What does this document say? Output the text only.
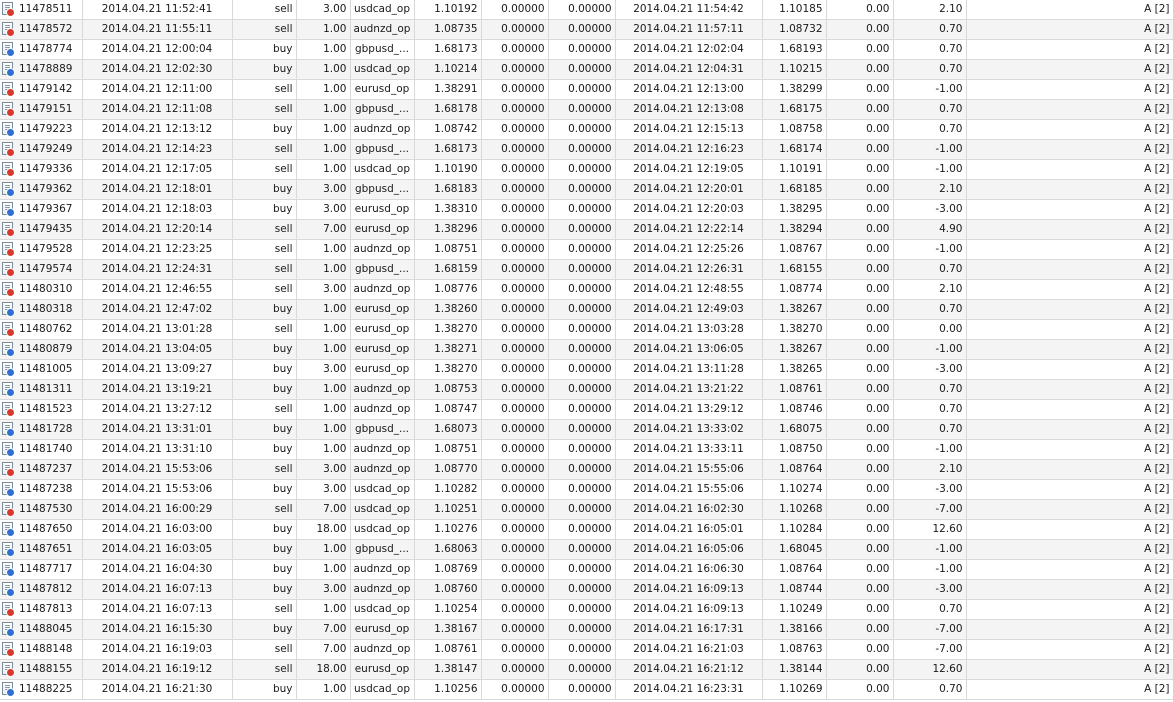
11478511	2014.04.21 11:52:41	sell	3.00	usdcad_op	1.10192	0.00000	0.00000	2014.04.21 11:54:42	1.10185	0.00	2.10	A [2]

11478572	2014.04.21 11:55:11	sell	1.00	audnzd_op	1.08735	0.00000	0.00000	2014.04.21 11:57:11	1.08732	0.00	0.70	A [2]

11478774	2014.04.21 12:00:04	buy	1.00	gbpusd_...	1.68173	0.00000	0.00000	2014.04.21 12:02:04	1.68193	0.00	0.70	A [2]

11478889	2014.04.21 12:02:30	buy	1.00	usdcad_op	1.10214	0.00000	0.00000	2014.04.21 12:04:31	1.10215	0.00	0.70	A [2]

11479142	2014.04.21 12:11:00	sell	1.00	eurusd_op	1.38291	0.00000	0.00000	2014.04.21 12:13:00	1.38299	0.00	-1.00	A [2]

11479151	2014.04.21 12:11:08	sell	1.00	gbpusd_...	1.68178	0.00000	0.00000	2014.04.21 12:13:08	1.68175	0.00	0.70	A [2]

11479223	2014.04.21 12:13:12	buy	1.00	audnzd_op	1.08742	0.00000	0.00000	2014.04.21 12:15:13	1.08758	0.00	0.70	A [2]

11479249	2014.04.21 12:14:23	sell	1.00	gbpusd_...	1.68173	0.00000	0.00000	2014.04.21 12:16:23	1.68174	0.00	-1.00	A [2]

11479336	2014.04.21 12:17:05	sell	1.00	usdcad_op	1.10190	0.00000	0.00000	2014.04.21 12:19:05	1.10191	0.00	-1.00	A [2]

11479362	2014.04.21 12:18:01	buy	3.00	gbpusd_...	1.68183	0.00000	0.00000	2014.04.21 12:20:01	1.68185	0.00	2.10	A [2]

11479367	2014.04.21 12:18:03	buy	3.00	eurusd_op	1.38310	0.00000	0.00000	2014.04.21 12:20:03	1.38295	0.00	-3.00	A [2]

11479435	2014.04.21 12:20:14	sell	7.00	eurusd_op	1.38296	0.00000	0.00000	2014.04.21 12:22:14	1.38294	0.00	4.90	A [2]

11479528	2014.04.21 12:23:25	sell	1.00	audnzd_op	1.08751	0.00000	0.00000	2014.04.21 12:25:26	1.08767	0.00	-1.00	A [2]

11479574	2014.04.21 12:24:31	sell	1.00	gbpusd_...	1.68159	0.00000	0.00000	2014.04.21 12:26:31	1.68155	0.00	0.70	A [2]

11480310	2014.04.21 12:46:55	sell	3.00	audnzd_op	1.08776	0.00000	0.00000	2014.04.21 12:48:55	1.08774	0.00	2.10	A [2]

11480318	2014.04.21 12:47:02	buy	1.00	eurusd_op	1.38260	0.00000	0.00000	2014.04.21 12:49:03	1.38267	0.00	0.70	A [2]

11480762	2014.04.21 13:01:28	sell	1.00	eurusd_op	1.38270	0.00000	0.00000	2014.04.21 13:03:28	1.38270	0.00	0.00	A [2]

11480879	2014.04.21 13:04:05	buy	1.00	eurusd_op	1.38271	0.00000	0.00000	2014.04.21 13:06:05	1.38267	0.00	-1.00	A [2]

11481005	2014.04.21 13:09:27	buy	3.00	eurusd_op	1.38270	0.00000	0.00000	2014.04.21 13:11:28	1.38265	0.00	-3.00	A [2]

11481311	2014.04.21 13:19:21	buy	1.00	audnzd_op	1.08753	0.00000	0.00000	2014.04.21 13:21:22	1.08761	0.00	0.70	A [2]

11481523	2014.04.21 13:27:12	sell	1.00	audnzd_op	1.08747	0.00000	0.00000	2014.04.21 13:29:12	1.08746	0.00	0.70	A [2]

11481728	2014.04.21 13:31:01	buy	1.00	gbpusd_...	1.68073	0.00000	0.00000	2014.04.21 13:33:02	1.68075	0.00	0.70	A [2]

11481740	2014.04.21 13:31:10	buy	1.00	audnzd_op	1.08751	0.00000	0.00000	2014.04.21 13:33:11	1.08750	0.00	-1.00	A [2]

11487237	2014.04.21 15:53:06	sell	3.00	audnzd_op	1.08770	0.00000	0.00000	2014.04.21 15:55:06	1.08764	0.00	2.10	A [2]

11487238	2014.04.21 15:53:06	buy	3.00	usdcad_op	1.10282	0.00000	0.00000	2014.04.21 15:55:06	1.10274	0.00	-3.00	A [2]

11487530	2014.04.21 16:00:29	sell	7.00	usdcad_op	1.10251	0.00000	0.00000	2014.04.21 16:02:30	1.10268	0.00	-7.00	A [2]

11487650	2014.04.21 16:03:00	buy	18.00	usdcad_op	1.10276	0.00000	0.00000	2014.04.21 16:05:01	1.10284	0.00	12.60	A [2]

11487651	2014.04.21 16:03:05	buy	1.00	gbpusd_...	1.68063	0.00000	0.00000	2014.04.21 16:05:06	1.68045	0.00	-1.00	A [2]

11487717	2014.04.21 16:04:30	buy	1.00	audnzd_op	1.08769	0.00000	0.00000	2014.04.21 16:06:30	1.08764	0.00	-1.00	A [2]

11487812	2014.04.21 16:07:13	buy	3.00	audnzd_op	1.08760	0.00000	0.00000	2014.04.21 16:09:13	1.08744	0.00	-3.00	A [2]

11487813	2014.04.21 16:07:13	sell	1.00	usdcad_op	1.10254	0.00000	0.00000	2014.04.21 16:09:13	1.10249	0.00	0.70	A [2]

11488045	2014.04.21 16:15:30	buy	7.00	eurusd_op	1.38167	0.00000	0.00000	2014.04.21 16:17:31	1.38166	0.00	-7.00	A [2]

11488148	2014.04.21 16:19:03	sell	7.00	audnzd_op	1.08761	0.00000	0.00000	2014.04.21 16:21:03	1.08763	0.00	-7.00	A [2]

11488155	2014.04.21 16:19:12	sell	18.00	eurusd_op	1.38147	0.00000	0.00000	2014.04.21 16:21:12	1.38144	0.00	12.60	A [2]

11488225	2014.04.21 16:21:30	buy	1.00	usdcad_op	1.10256	0.00000	0.00000	2014.04.21 16:23:31	1.10269	0.00	0.70	A [2]
